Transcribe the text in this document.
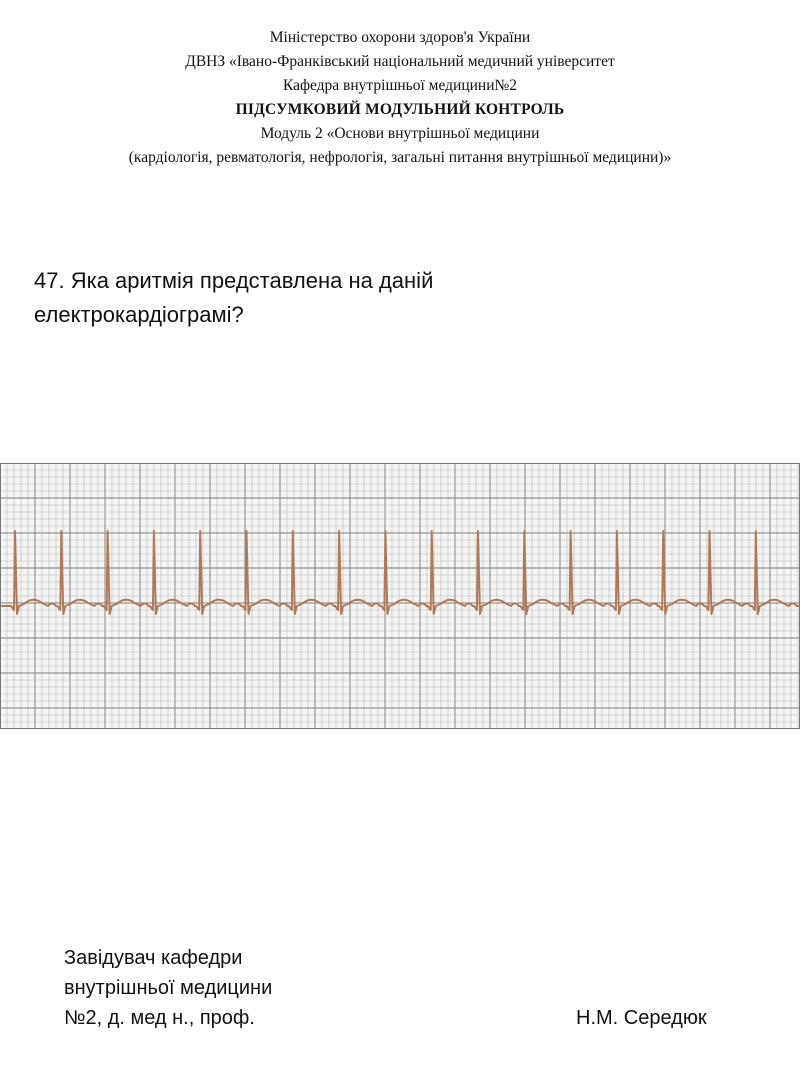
Міністерство охорони здоров'я України
ДВНЗ «Івано-Франківський національний медичний університет
Кафедра внутрішньої медицини№2
ПІДСУМКОВИЙ МОДУЛЬНИЙ КОНТРОЛЬ
Модуль 2 «Основи внутрішньої медицини
(кардіологія, ревматологія, нефрологія, загальні питання внутрішньої медицини)»
47. Яка аритмія представлена на даній
електрокардіограмі?
Завідувач кафедри
внутрішньої медицини
№2, д. мед н., проф.	Н.М. Середюк
